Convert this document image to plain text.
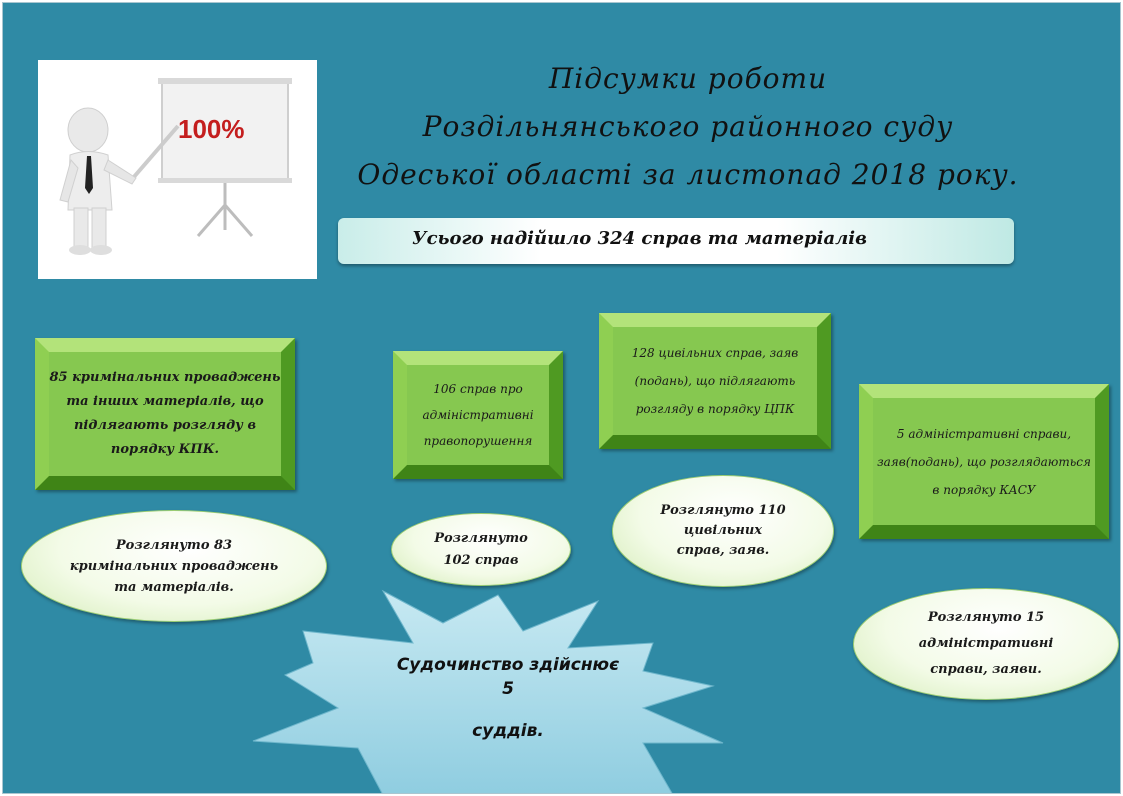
100%
Підсумки роботи
Роздільнянського районного суду
Одеської області за листопад 2018 року.
Усього надійшло 324 справ та матеріалів
85 кримінальних проваджень та інших матеріалів, що підлягають розгляду в порядку КПК.
106 справ про адміністративні правопорушення
128 цивільних справ, заяв (подань), що підлягають розгляду в порядку ЦПК
5 адміністративні справи, заяв(подань), що розглядаються в порядку КАСУ
Розглянуто 83 кримінальних проваджень та матеріалів.
Розглянуто 102 справ
Розглянуто 110 цивільних справ, заяв.
Розглянуто 15 адміністративні справи, заяви.
Судочинство здійснює
5
суддів.
